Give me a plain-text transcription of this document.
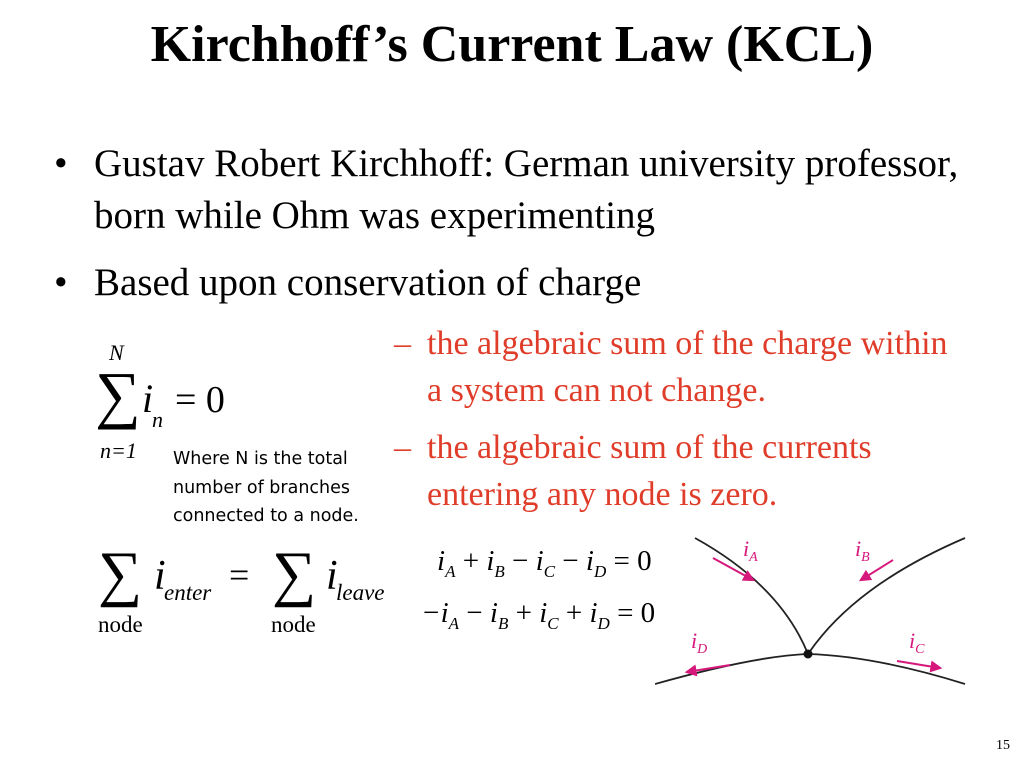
Kirchhoff’s Current Law (KCL)
• Gustav Robert Kirchhoff: German university professor, born while Ohm was experimenting
• Based upon conservation of charge
– the algebraic sum of the charge within a system can not change.
– the algebraic sum of the currents entering any node is zero.
N
∑ i
n = 0
n=1 Where N is the total number of branches connected to a node.
∑ i
enter = ∑ i
leave
node	node
$i_A + i_B - i_C - i_D = 0$
$-i_A - i_B + i_C + i_D = 0$
$i_A$	$i_B$
$i_D$	$i_C$
15
